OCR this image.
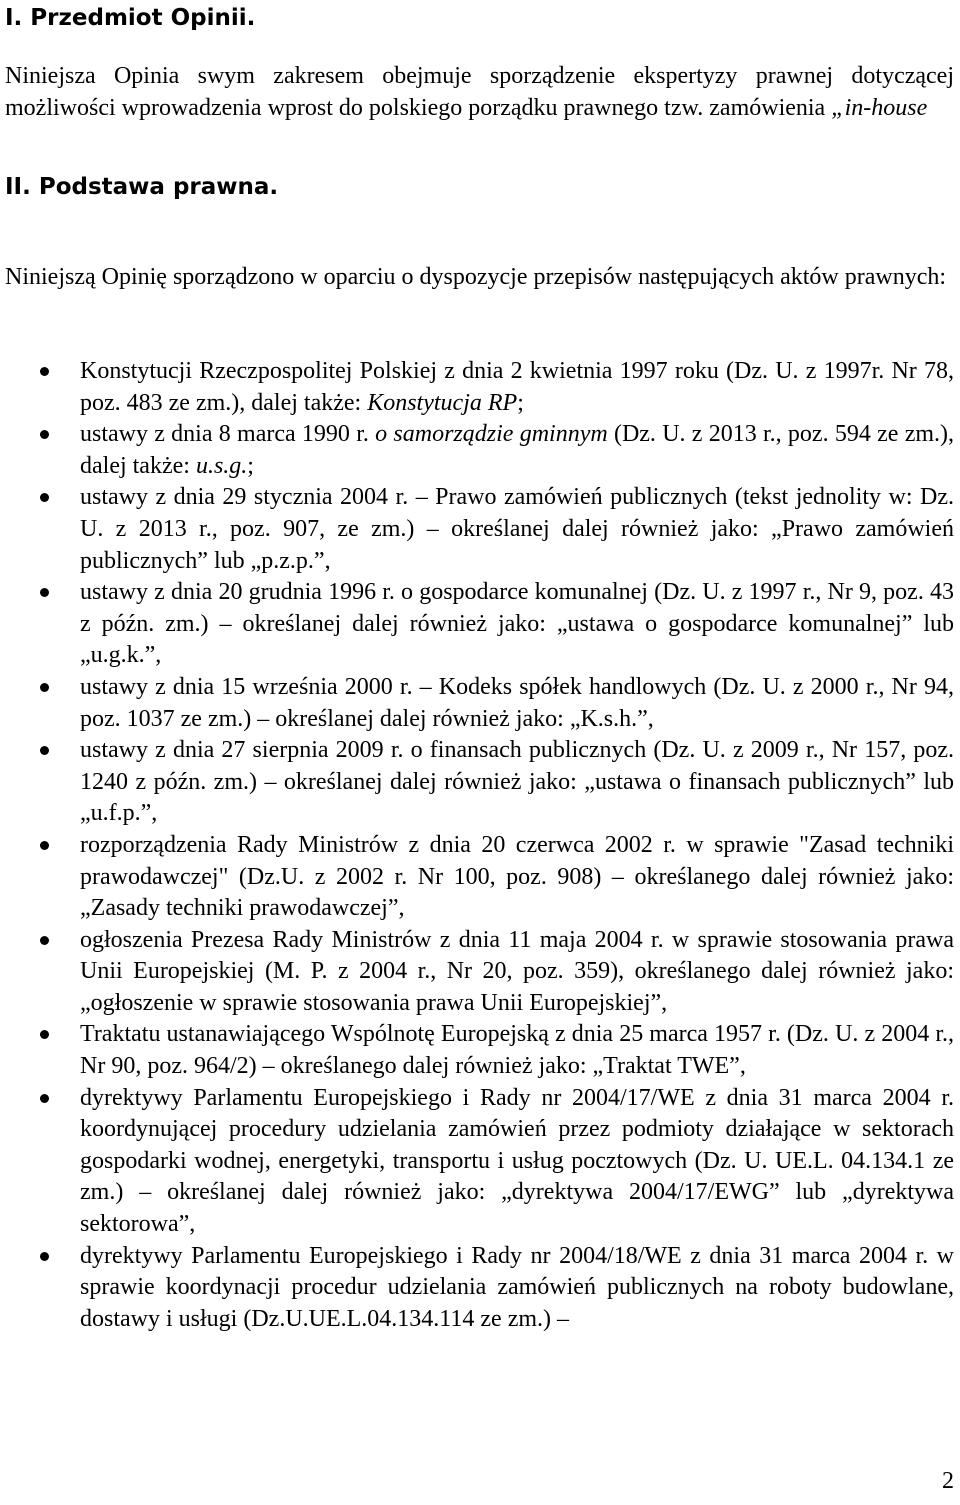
I. Przedmiot Opinii.

Niniejsza Opinia swym zakresem obejmuje sporządzenie ekspertyzy prawnej dotyczącej możliwości wprowadzenia wprost do polskiego porządku prawnego tzw. zamówienia „in-house

II. Podstawa prawna.

Niniejszą Opinię sporządzono w oparciu o dyspozycje przepisów następujących aktów prawnych:

Konstytucji Rzeczpospolitej Polskiej z dnia 2 kwietnia 1997 roku (Dz. U. z 1997r. Nr 78, poz. 483 ze zm.), dalej także: Konstytucja RP;
ustawy z dnia 8 marca 1990 r. o samorządzie gminnym (Dz. U. z 2013 r., poz. 594 ze zm.), dalej także: u.s.g.;
ustawy z dnia 29 stycznia 2004 r. – Prawo zamówień publicznych (tekst jednolity w: Dz. U. z 2013 r., poz. 907, ze zm.) – określanej dalej również jako: „Prawo zamówień publicznych” lub „p.z.p.”,
ustawy z dnia 20 grudnia 1996 r. o gospodarce komunalnej (Dz. U. z 1997 r., Nr 9, poz. 43 z późn. zm.) – określanej dalej również jako: „ustawa o gospodarce komunalnej” lub „u.g.k.”,
ustawy z dnia 15 września 2000 r. – Kodeks spółek handlowych (Dz. U. z 2000 r., Nr 94, poz. 1037 ze zm.) – określanej dalej również jako: „K.s.h.”,
ustawy z dnia 27 sierpnia 2009 r. o finansach publicznych (Dz. U. z 2009 r., Nr 157, poz. 1240 z późn. zm.) – określanej dalej również jako: „ustawa o finansach publicznych” lub „u.f.p.”,
rozporządzenia Rady Ministrów z dnia 20 czerwca 2002 r. w sprawie "Zasad techniki prawodawczej" (Dz.U. z 2002 r. Nr 100, poz. 908) – określanego dalej również jako: „Zasady techniki prawodawczej”,
ogłoszenia Prezesa Rady Ministrów z dnia 11 maja 2004 r. w sprawie stosowania prawa Unii Europejskiej (M. P. z 2004 r., Nr 20, poz. 359), określanego dalej również jako: „ogłoszenie w sprawie stosowania prawa Unii Europejskiej”,
Traktatu ustanawiającego Wspólnotę Europejską z dnia 25 marca 1957 r. (Dz. U. z 2004 r., Nr 90, poz. 964/2) – określanego dalej również jako: „Traktat TWE”,
dyrektywy Parlamentu Europejskiego i Rady nr 2004/17/WE z dnia 31 marca 2004 r. koordynującej procedury udzielania zamówień przez podmioty działające w sektorach gospodarki wodnej, energetyki, transportu i usług pocztowych (Dz. U. UE.L. 04.134.1 ze zm.) – określanej dalej również jako: „dyrektywa 2004/17/EWG” lub „dyrektywa sektorowa”,
dyrektywy Parlamentu Europejskiego i Rady nr 2004/18/WE z dnia 31 marca 2004 r. w sprawie koordynacji procedur udzielania zamówień publicznych na roboty budowlane, dostawy i usługi (Dz.U.UE.L.04.134.114 ze zm.) –
2
